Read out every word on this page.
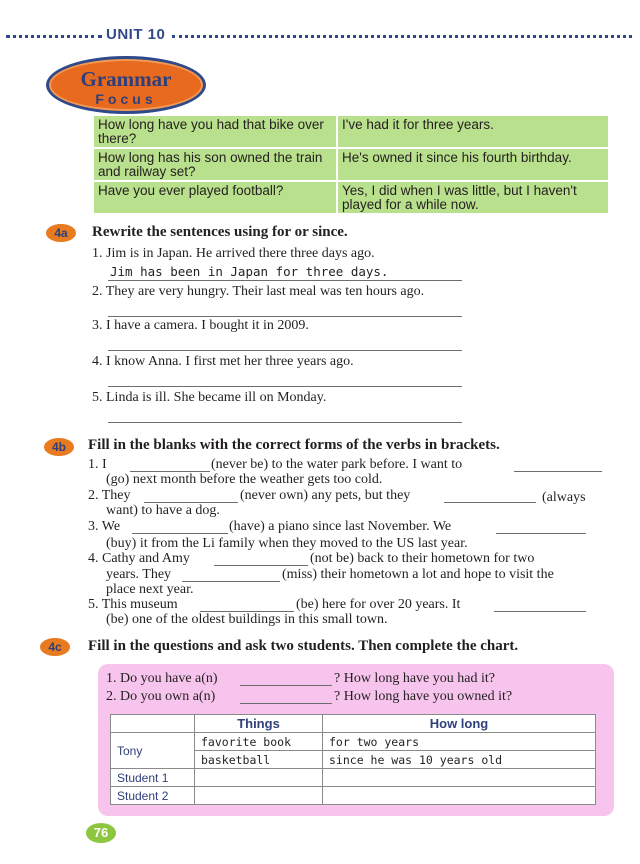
UNIT 10
Grammar
Focus
How long have you had that bike over there?	I've had it for three years.
How long has his son owned the train and railway set?	He's owned it since his fourth birthday.
Have you ever played football?	Yes, I did when I was little, but I haven't played for a while now.
4a	Rewrite the sentences using for or since.
1. Jim is in Japan. He arrived there three days ago.
Jim has been in Japan for three days.
2. They are very hungry. Their last meal was ten hours ago.
3. I have a camera. I bought it in 2009.
4. I know Anna. I first met her three years ago.
5. Linda is ill. She became ill on Monday.
4b	Fill in the blanks with the correct forms of the verbs in brackets.
1. I	(never be) to the water park before. I want to
(go) next month before the weather gets too cold.
2. They	(never own) any pets, but they	(always
want) to have a dog.
3. We	(have) a piano since last November. We
(buy) it from the Li family when they moved to the US last year.
4. Cathy and Amy	(not be) back to their hometown for two
years. They	(miss) their hometown a lot and hope to visit the
place next year.
5. This museum	(be) here for over 20 years. It
(be) one of the oldest buildings in this small town.
4c	Fill in the questions and ask two students. Then complete the chart.
1. Do you have a(n)	? How long have you had it?
2. Do you own a(n)	? How long have you owned it?
	Things	How long
Tony	favorite book	for two years
	basketball	since he was 10 years old
Student 1		
Student 2		
76
